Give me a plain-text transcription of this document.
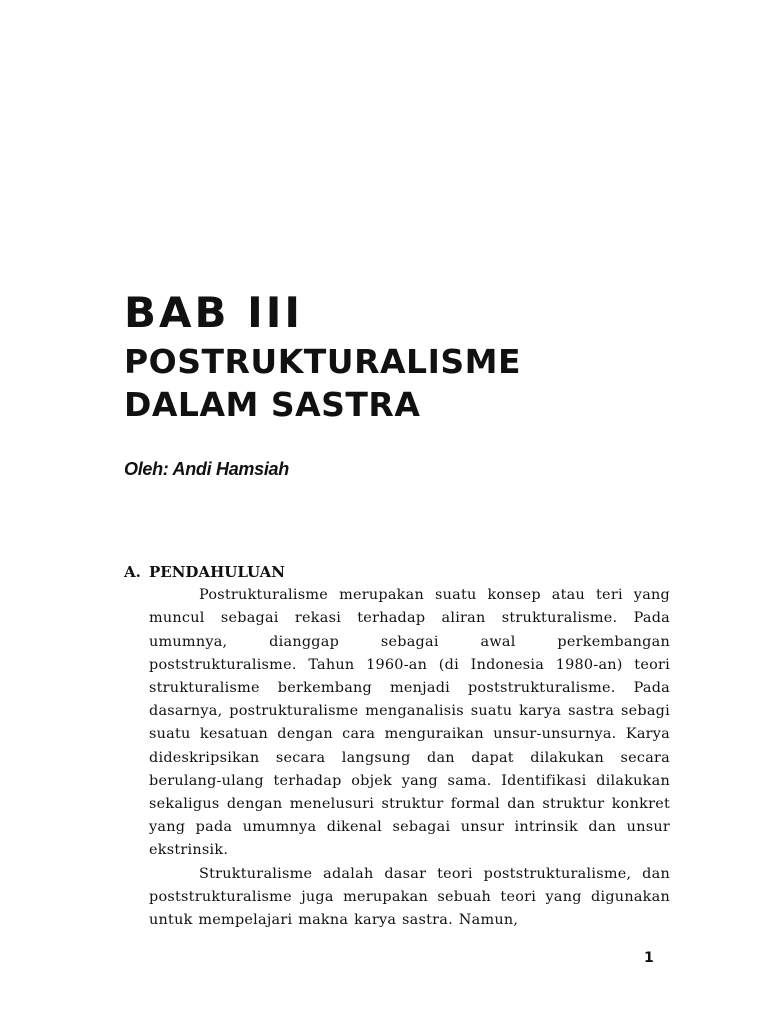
BAB III
POSTRUKTURALISME
DALAM SASTRA

Oleh: Andi Hamsiah

A. PENDAHULUAN

Postrukturalisme merupakan suatu konsep atau teri yang muncul sebagai rekasi terhadap aliran strukturalisme. Pada umumnya, dianggap sebagai awal perkembangan poststrukturalisme. Tahun 1960-an (di Indonesia 1980-an) teori strukturalisme berkembang menjadi poststrukturalisme. Pada dasarnya, postrukturalisme menganalisis suatu karya sastra sebagi suatu kesatuan dengan cara menguraikan unsur-unsurnya. Karya dideskripsikan secara langsung dan dapat dilakukan secara berulang-ulang terhadap objek yang sama. Identifikasi dilakukan sekaligus dengan menelusuri struktur formal dan struktur konkret yang pada umumnya dikenal sebagai unsur intrinsik dan unsur ekstrinsik.

Strukturalisme adalah dasar teori poststrukturalisme, dan poststrukturalisme juga merupakan sebuah teori yang digunakan untuk mempelajari makna karya sastra. Namun,

1
